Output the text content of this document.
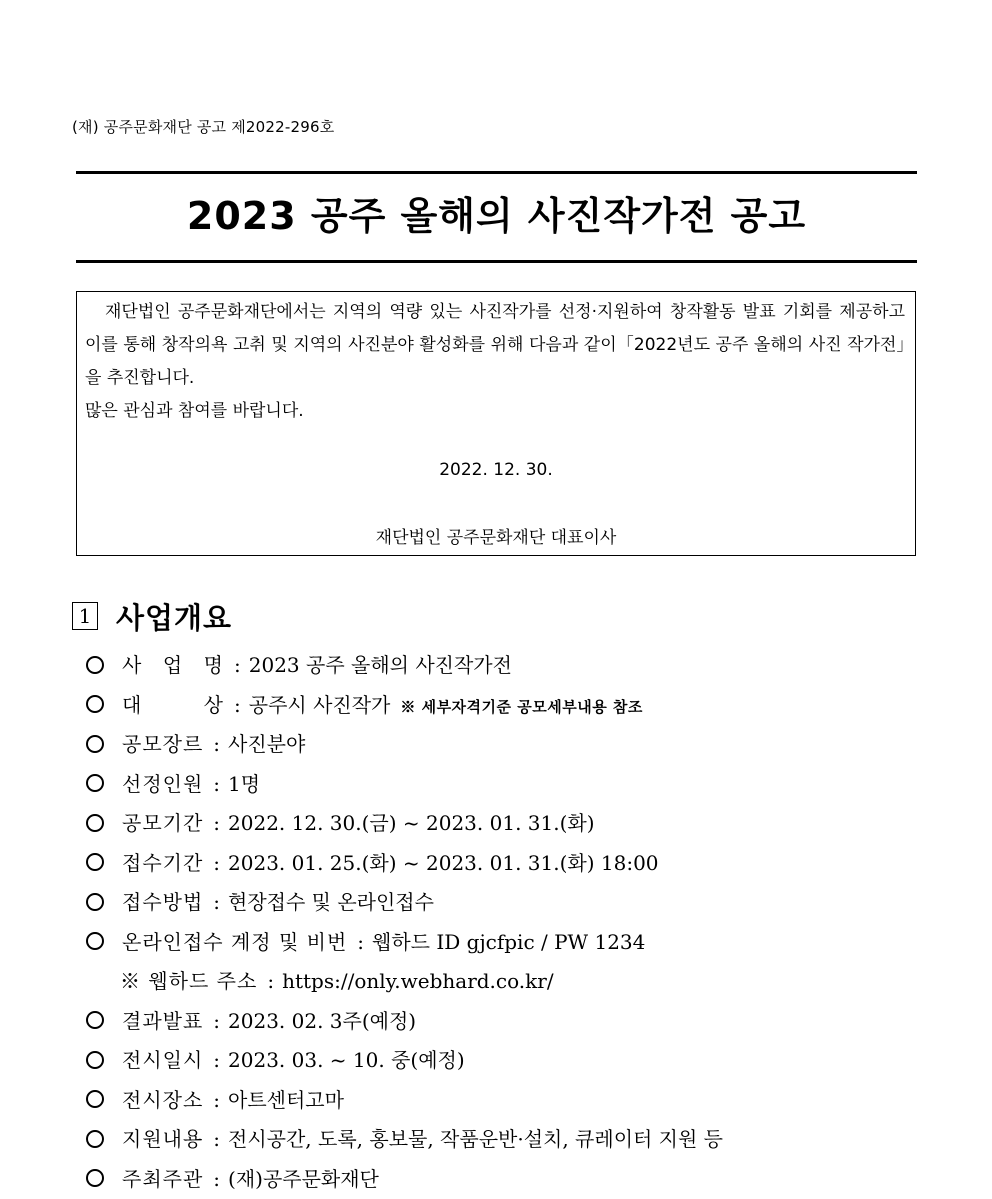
(재) 공주문화재단 공고 제2022-296호
2023 공주 올해의 사진작가전 공고

재단법인 공주문화재단에서는 지역의 역량 있는 사진작가를 선정·지원하여 창작활동 발표 기회를 제공하고 이를 통해 창작의욕 고취 및 지역의 사진분야 활성화를 위해 다음과 같이「2022년도 공주 올해의 사진 작가전」을 추진합니다.

많은 관심과 참여를 바랍니다.

2022. 12. 30.
재단법인 공주문화재단 대표이사
1 사업개요
사 업 명 : 2023 공주 올해의 사진작가전
대 상 : 공주시 사진작가 ※ 세부자격기준 공모세부내용 참조
공모장르 : 사진분야
선정인원 : 1명
공모기간 : 2022. 12. 30.(금) ~ 2023. 01. 31.(화)
접수기간 : 2023. 01. 25.(화) ~ 2023. 01. 31.(화) 18:00
접수방법 : 현장접수 및 온라인접수
온라인접수 계정 및 비번 : 웹하드 ID gjcfpic / PW 1234
※ 웹하드 주소 : https://only.webhard.co.kr/
결과발표 : 2023. 02. 3주(예정)
전시일시 : 2023. 03. ~ 10. 중(예정)
전시장소 : 아트센터고마
지원내용 : 전시공간, 도록, 홍보물, 작품운반·설치, 큐레이터 지원 등
주최주관 : (재)공주문화재단
